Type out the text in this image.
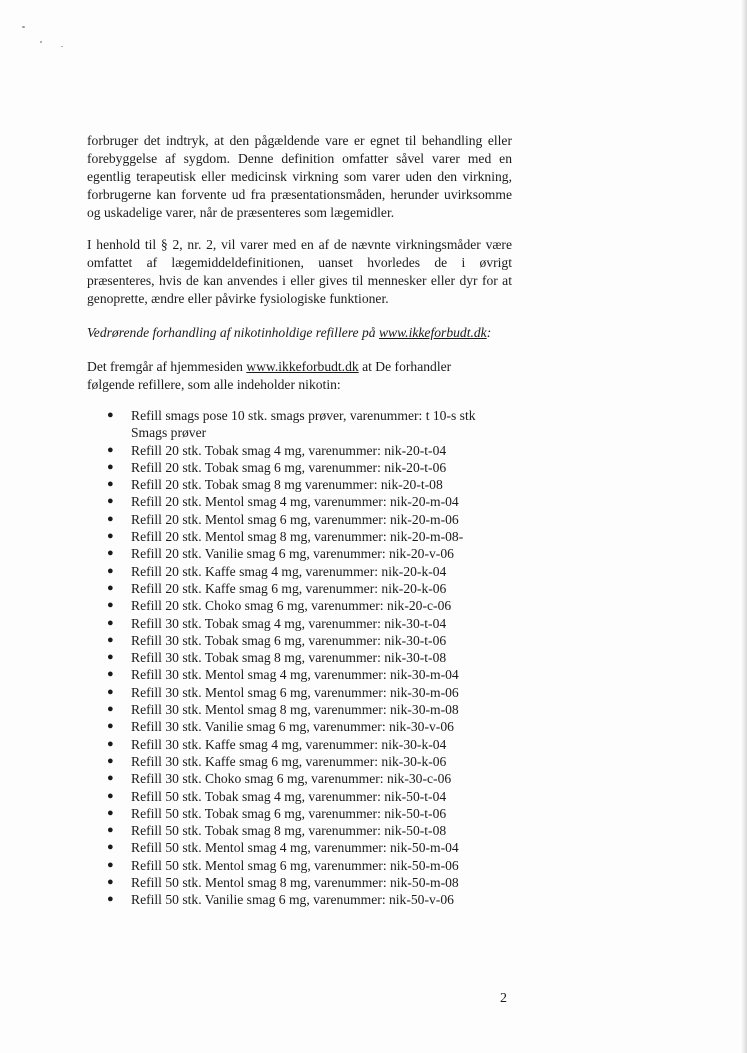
forbruger det indtryk, at den pågældende vare er egnet til behandling eller
forebyggelse af sygdom. Denne definition omfatter såvel varer med en
egentlig terapeutisk eller medicinsk virkning som varer uden den virkning,
forbrugerne kan forvente ud fra præsentationsmåden, herunder uvirksomme
og uskadelige varer, når de præsenteres som lægemidler.
I henhold til § 2, nr. 2, vil varer med en af de nævnte virkningsmåder være
omfattet af lægemiddeldefinitionen, uanset hvorledes de i øvrigt
præsenteres, hvis de kan anvendes i eller gives til mennesker eller dyr for at
genoprette, ændre eller påvirke fysiologiske funktioner.
Vedrørende forhandling af nikotinholdige refillere på www.ikkeforbudt.dk:
Det fremgår af hjemmesiden www.ikkeforbudt.dk at De forhandler
følgende refillere, som alle indeholder nikotin:
● Refill smags pose 10 stk. smags prøver, varenummer: t 10-s stk
Smags prøver
● Refill 20 stk. Tobak smag 4 mg, varenummer: nik-20-t-04
● Refill 20 stk. Tobak smag 6 mg, varenummer: nik-20-t-06
● Refill 20 stk. Tobak smag 8 mg varenummer: nik-20-t-08
● Refill 20 stk. Mentol smag 4 mg, varenummer: nik-20-m-04
● Refill 20 stk. Mentol smag 6 mg, varenummer: nik-20-m-06
● Refill 20 stk. Mentol smag 8 mg, varenummer: nik-20-m-08-
● Refill 20 stk. Vanilie smag 6 mg, varenummer: nik-20-v-06
● Refill 20 stk. Kaffe smag 4 mg, varenummer: nik-20-k-04
● Refill 20 stk. Kaffe smag 6 mg, varenummer: nik-20-k-06
● Refill 20 stk. Choko smag 6 mg, varenummer: nik-20-c-06
● Refill 30 stk. Tobak smag 4 mg, varenummer: nik-30-t-04
● Refill 30 stk. Tobak smag 6 mg, varenummer: nik-30-t-06
● Refill 30 stk. Tobak smag 8 mg, varenummer: nik-30-t-08
● Refill 30 stk. Mentol smag 4 mg, varenummer: nik-30-m-04
● Refill 30 stk. Mentol smag 6 mg, varenummer: nik-30-m-06
● Refill 30 stk. Mentol smag 8 mg, varenummer: nik-30-m-08
● Refill 30 stk. Vanilie smag 6 mg, varenummer: nik-30-v-06
● Refill 30 stk. Kaffe smag 4 mg, varenummer: nik-30-k-04
● Refill 30 stk. Kaffe smag 6 mg, varenummer: nik-30-k-06
● Refill 30 stk. Choko smag 6 mg, varenummer: nik-30-c-06
● Refill 50 stk. Tobak smag 4 mg, varenummer: nik-50-t-04
● Refill 50 stk. Tobak smag 6 mg, varenummer: nik-50-t-06
● Refill 50 stk. Tobak smag 8 mg, varenummer: nik-50-t-08
● Refill 50 stk. Mentol smag 4 mg, varenummer: nik-50-m-04
● Refill 50 stk. Mentol smag 6 mg, varenummer: nik-50-m-06
● Refill 50 stk. Mentol smag 8 mg, varenummer: nik-50-m-08
● Refill 50 stk. Vanilie smag 6 mg, varenummer: nik-50-v-06
2
